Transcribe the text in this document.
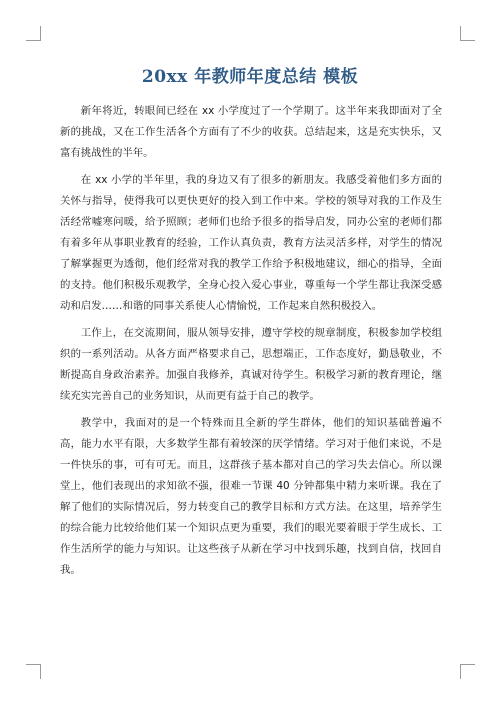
20xx 年教师年度总结 模板

新年将近，转眼间已经在 xx 小学度过了一个学期了。这半年来我即面对了全新的挑战，又在工作生活各个方面有了不少的收获。总结起来，这是充实快乐，又富有挑战性的半年。

在 xx 小学的半年里，我的身边又有了很多的新朋友。我感受着他们多方面的关怀与指导，使得我可以更快更好的投入到工作中来。学校的领导对我的工作及生活经常嘘寒问暖，给予照顾；老师们也给予很多的指导启发，同办公室的老师们都有着多年从事职业教育的经验，工作认真负责，教育方法灵活多样，对学生的情况了解掌握更为透彻，他们经常对我的教学工作给予积极地建议，细心的指导，全面的支持。他们积极乐观教学，全身心投入爱心事业，尊重每一个学生都让我深受感动和启发……和谐的同事关系使人心情愉悦，工作起来自然积极投入。

工作上，在交流期间，服从领导安排，遵守学校的规章制度，积极参加学校组织的一系列活动。从各方面严格要求自己，思想端正，工作态度好，勤恳敬业，不断提高自身政治素养。加强自我修养，真诚对待学生。积极学习新的教育理论，继续充实完善自己的业务知识，从而更有益于自己的教学。

教学中，我面对的是一个特殊而且全新的学生群体，他们的知识基础普遍不高，能力水平有限，大多数学生都有着较深的厌学情绪。学习对于他们来说，不是一件快乐的事，可有可无。而且，这群孩子基本都对自己的学习失去信心。所以课堂上，他们表现出的求知欲不强，很难一节课 40 分钟都集中精力来听课。我在了解了他们的实际情况后，努力转变自己的教学目标和方式方法。在这里，培养学生的综合能力比较给他们某一个知识点更为重要，我们的眼光要着眼于学生成长、工作生活所学的能力与知识。让这些孩子从新在学习中找到乐趣，找到自信，找回自我。
